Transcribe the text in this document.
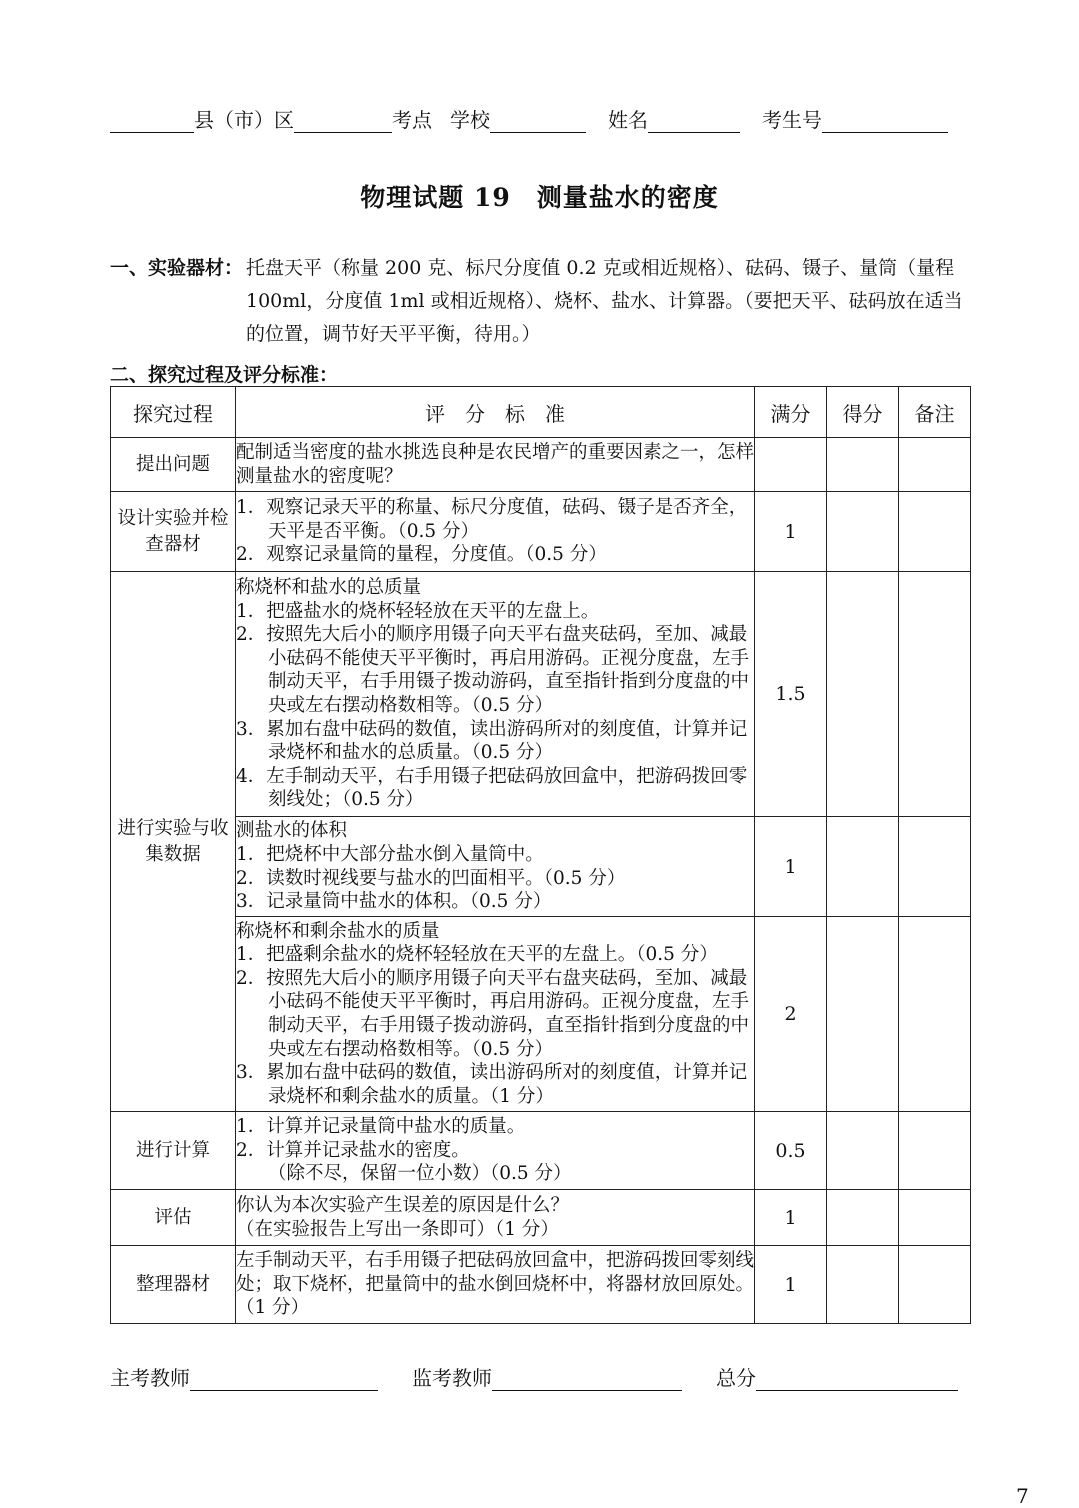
县（市）区	考点 学校	姓名	考生号
物理试题 19　测量盐水的密度
一、实验器材： 托盘天平（称量 200 克、标尺分度值 0.2 克或相近规格）、砝码、镊子、量筒（量程 100ml，分度值 1ml 或相近规格）、烧杯、盐水、计算器。（要把天平、砝码放在适当的位置，调节好天平平衡，待用。）
二、探究过程及评分标准：
探究过程	评　分　标　准	满分	得分	备注
提出问题	配制适当密度的盐水挑选良种是农民增产的重要因素之一，怎样测量盐水的密度呢？			

设计实验并检查器材	1．观察记录天平的称量、标尺分度值，砝码、镊子是否齐全，天平是否平衡。（0.5 分）
2．观察记录量筒的量程，分度值。（0.5 分）	1		
进行实验与收集数据	称烧杯和盐水的总质量
1．把盛盐水的烧杯轻轻放在天平的左盘上。
2．按照先大后小的顺序用镊子向天平右盘夹砝码，至加、减最小砝码不能使天平平衡时，再启用游码。正视分度盘，左手制动天平，右手用镊子拨动游码，直至指针指到分度盘的中央或左右摆动格数相等。（0.5 分）
3．累加右盘中砝码的数值，读出游码所对的刻度值，计算并记录烧杯和盐水的总质量。（0.5 分）
4．左手制动天平，右手用镊子把砝码放回盒中，把游码拨回零刻线处；（0.5 分）	1.5		

	测盐水的体积
1．把烧杯中大部分盐水倒入量筒中。
2．读数时视线要与盐水的凹面相平。（0.5 分）
3．记录量筒中盐水的体积。（0.5 分）	1		

	称烧杯和剩余盐水的质量
1．把盛剩余盐水的烧杯轻轻放在天平的左盘上。（0.5 分）
2．按照先大后小的顺序用镊子向天平右盘夹砝码，至加、减最小砝码不能使天平平衡时，再启用游码。正视分度盘，左手制动天平，右手用镊子拨动游码，直至指针指到分度盘的中央或左右摆动格数相等。（0.5 分）
3．累加右盘中砝码的数值，读出游码所对的刻度值，计算并记录烧杯和剩余盐水的质量。（1 分）	2		
进行计算	1．计算并记录量筒中盐水的质量。
2．计算并记录盐水的密度。
（除不尽，保留一位小数）（0.5 分）	0.5		
评估	你认为本次实验产生误差的原因是什么？
（在实验报告上写出一条即可）（1 分）	1		
整理器材	左手制动天平，右手用镊子把砝码放回盒中，把游码拨回零刻线处；取下烧杯，把量筒中的盐水倒回烧杯中，将器材放回原处。（1 分）	1		
主考教师	监考教师	总分
7
